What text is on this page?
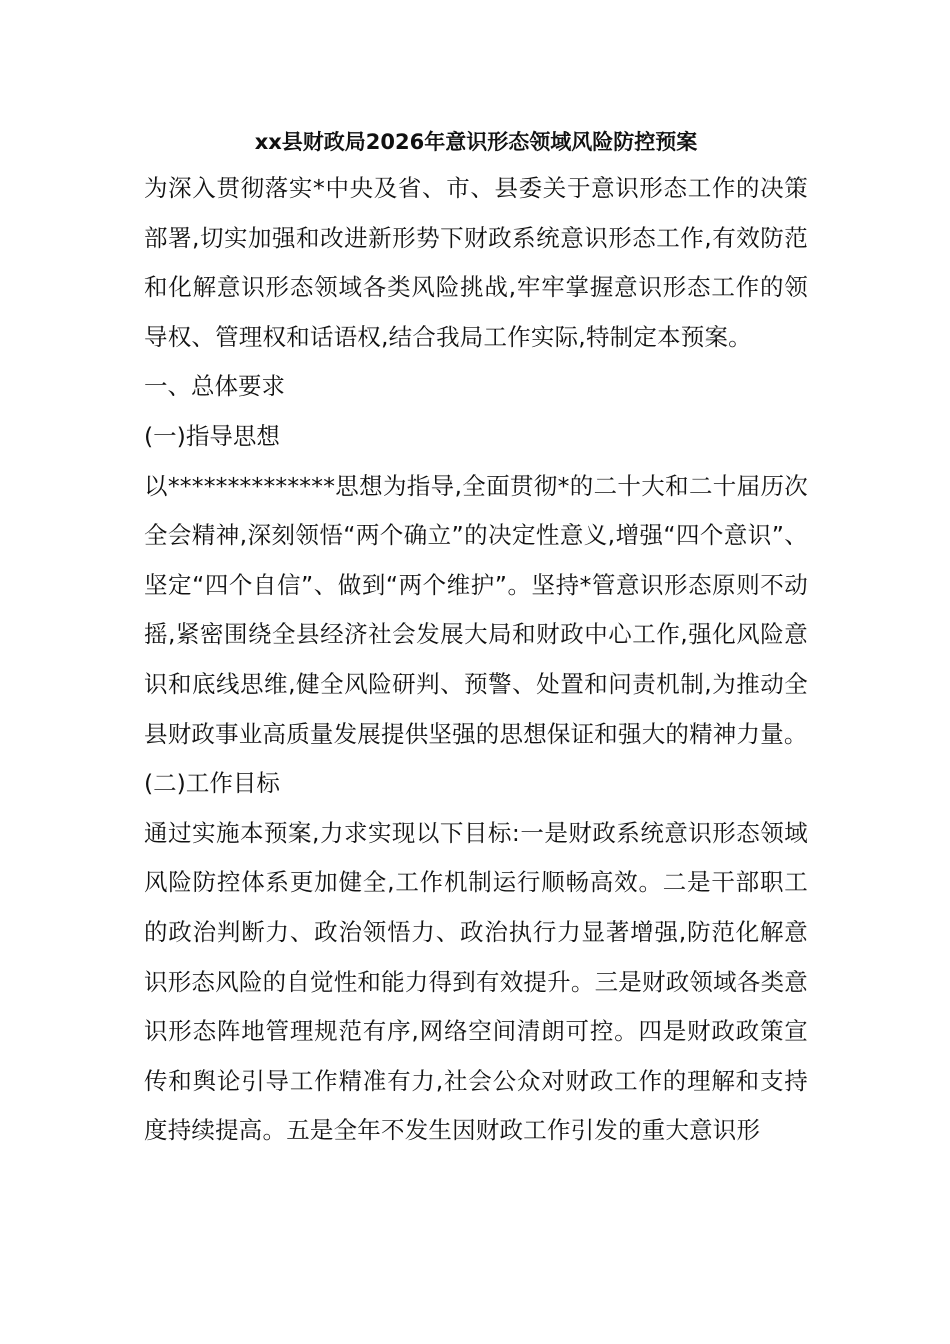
xx县财政局2026年意识形态领域风险防控预案

为深入贯彻落实*中央及省、市、县委关于意识形态工作的决策部署,切实加强和改进新形势下财政系统意识形态工作,有效防范和化解意识形态领域各类风险挑战,牢牢掌握意识形态工作的领导权、管理权和话语权,结合我局工作实际,特制定本预案。

一、总体要求

(一)指导思想

以**************思想为指导,全面贯彻*的二十大和二十届历次全会精神,深刻领悟“两个确立”的决定性意义,增强“四个意识”、坚定“四个自信”、做到“两个维护”。坚持*管意识形态原则不动摇,紧密围绕全县经济社会发展大局和财政中心工作,强化风险意识和底线思维,健全风险研判、预警、处置和问责机制,为推动全县财政事业高质量发展提供坚强的思想保证和强大的精神力量。

(二)工作目标

通过实施本预案,力求实现以下目标:一是财政系统意识形态领域风险防控体系更加健全,工作机制运行顺畅高效。二是干部职工的政治判断力、政治领悟力、政治执行力显著增强,防范化解意识形态风险的自觉性和能力得到有效提升。三是财政领域各类意识形态阵地管理规范有序,网络空间清朗可控。四是财政政策宣传和舆论引导工作精准有力,社会公众对财政工作的理解和支持度持续提高。五是全年不发生因财政工作引发的重大意识形
